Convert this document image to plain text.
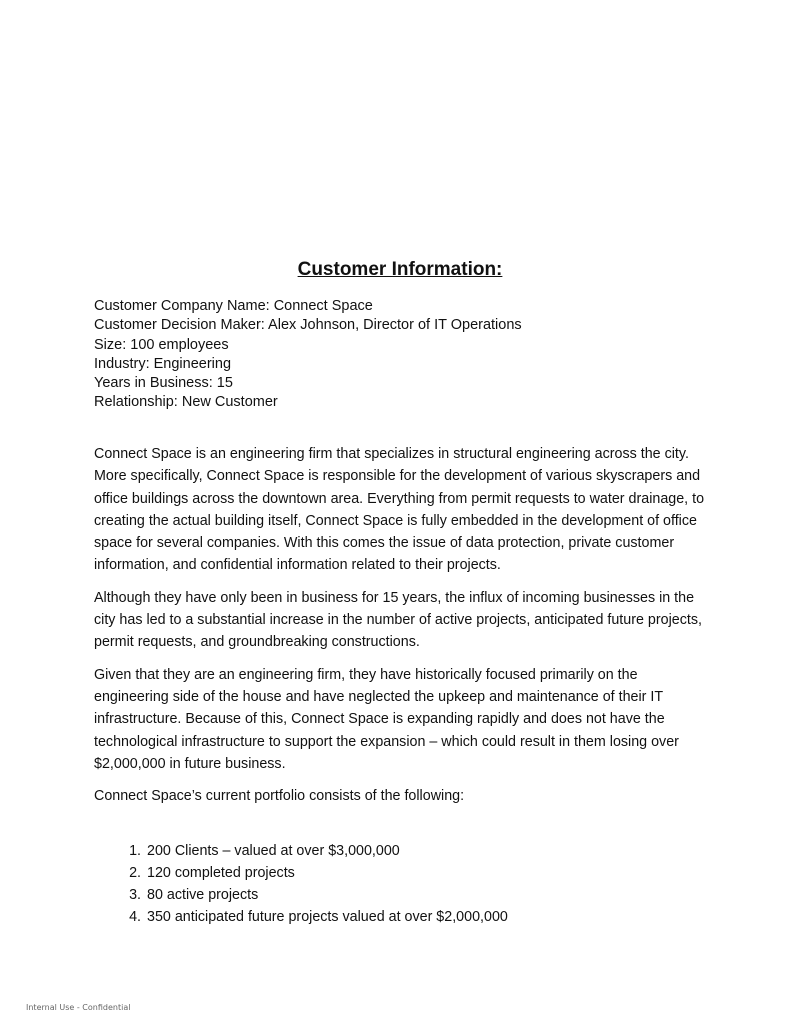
Customer Information:

Customer Company Name: Connect Space

Customer Decision Maker: Alex Johnson, Director of IT Operations

Size: 100 employees

Industry: Engineering

Years in Business: 15

Relationship: New Customer

Connect Space is an engineering firm that specializes in structural engineering across the city. More specifically, Connect Space is responsible for the development of various skyscrapers and office buildings across the downtown area. Everything from permit requests to water drainage, to creating the actual building itself, Connect Space is fully embedded in the development of office space for several companies. With this comes the issue of data protection, private customer information, and confidential information related to their projects.

Although they have only been in business for 15 years, the influx of incoming businesses in the city has led to a substantial increase in the number of active projects, anticipated future projects, permit requests, and groundbreaking constructions.

Given that they are an engineering firm, they have historically focused primarily on the engineering side of the house and have neglected the upkeep and maintenance of their IT infrastructure. Because of this, Connect Space is expanding rapidly and does not have the technological infrastructure to support the expansion – which could result in them losing over $2,000,000 in future business.

Connect Space’s current portfolio consists of the following:

1. 200 Clients – valued at over $3,000,000
2. 120 completed projects
3. 80 active projects
4. 350 anticipated future projects valued at over $2,000,000

Internal Use - Confidential
